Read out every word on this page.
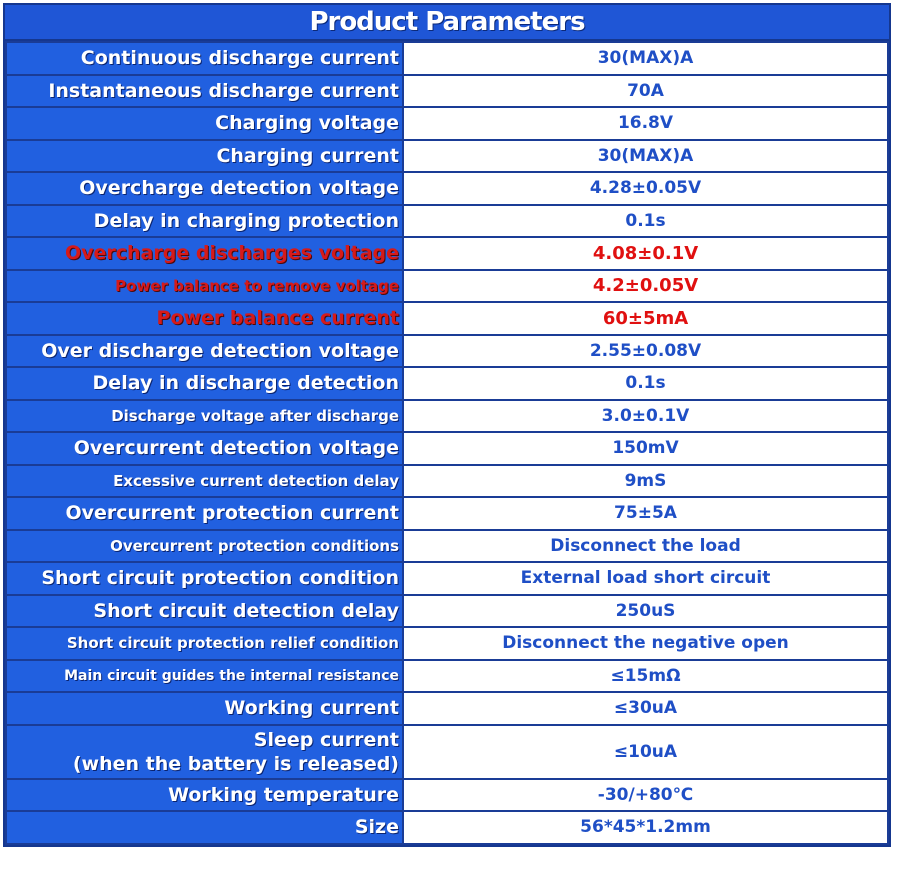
Product Parameters
Continuous discharge current	30(MAX)A
Instantaneous discharge current	70A
Charging voltage	16.8V
Charging current	30(MAX)A
Overcharge detection voltage	4.28±0.05V
Delay in charging protection	0.1s
Overcharge discharges voltage	4.08±0.1V
Power balance to remove voltage	4.2±0.05V
Power balance current	60±5mA
Over discharge detection voltage	2.55±0.08V
Delay in discharge detection	0.1s
Discharge voltage after discharge	3.0±0.1V
Overcurrent detection voltage	150mV
Excessive current detection delay	9mS
Overcurrent protection current	75±5A
Overcurrent protection conditions	Disconnect the load
Short circuit protection condition	External load short circuit
Short circuit detection delay	250uS
Short circuit protection relief condition	Disconnect the negative open
Main circuit guides the internal resistance	≤15mΩ
Working current	≤30uA

Sleep current
(when the battery is released)	≤10uA
Working temperature	-30/+80℃
Size	56*45*1.2mm
